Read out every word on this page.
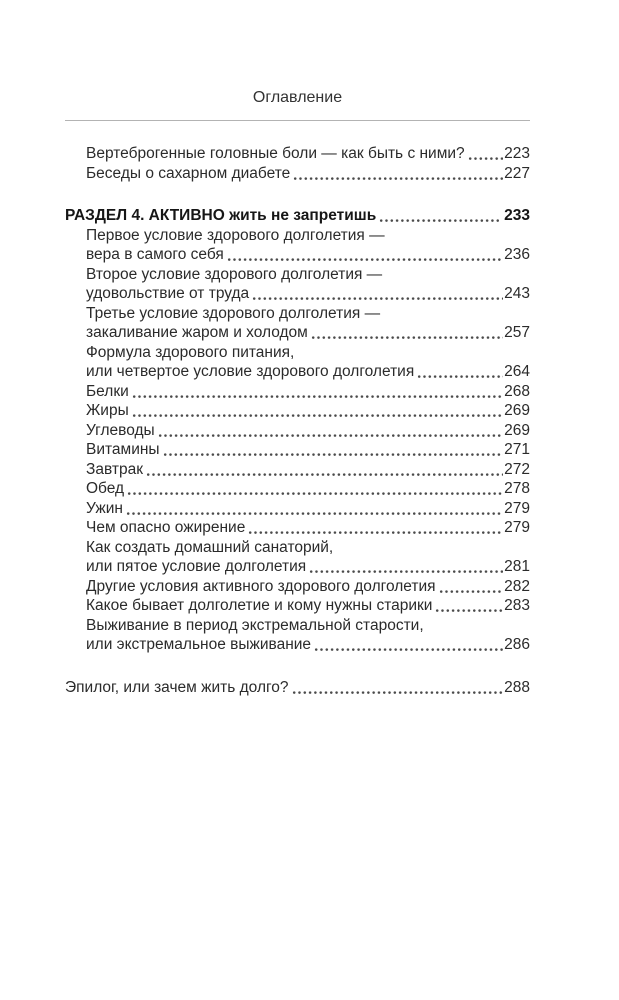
Оглавление
Вертеброгенные головные боли — как быть с ними?	223
Беседы о сахарном диабете	227
РАЗДЕЛ 4. АКТИВНО жить не запретишь	233
Первое условие здорового долголетия —
вера в самого себя	236
Второе условие здорового долголетия —
удовольствие от труда	243
Третье условие здорового долголетия —
закаливание жаром и холодом	257
Формула здорового питания,
или четвертое условие здорового долголетия	264
Белки	268
Жиры	269
Углеводы	269
Витамины	271
Завтрак	272
Обед	278
Ужин	279
Чем опасно ожирение	279
Как создать домашний санаторий,
или пятое условие долголетия	281
Другие условия активного здорового долголетия	282
Какое бывает долголетие и кому нужны старики	283
Выживание в период экстремальной старости,
или экстремальное выживание	286
Эпилог, или зачем жить долго?	288
